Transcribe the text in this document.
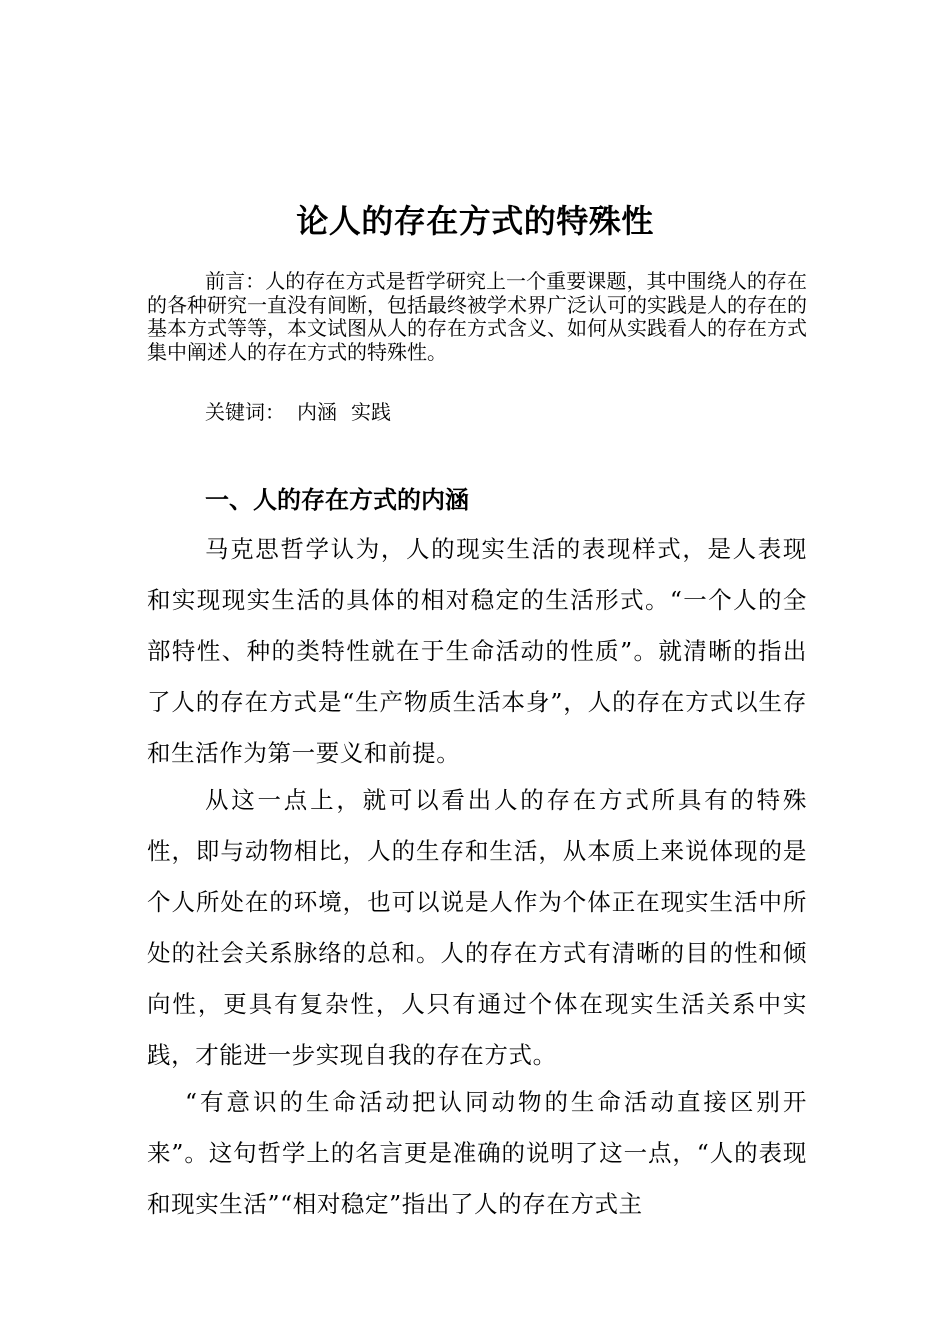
论人的存在方式的特殊性

前言：人的存在方式是哲学研究上一个重要课题，其中围绕人的存在的各种研究一直没有间断，包括最终被学术界广泛认可的实践是人的存在的基本方式等等，本文试图从人的存在方式含义、如何从实践看人的存在方式集中阐述人的存在方式的特殊性。

关键词： 内涵 实践

一、人的存在方式的内涵

马克思哲学认为，人的现实生活的表现样式，是人表现和实现现实生活的具体的相对稳定的生活形式。“一个人的全部特性、种的类特性就在于生命活动的性质”。就清晰的指出了人的存在方式是“生产物质生活本身”，人的存在方式以生存和生活作为第一要义和前提。

从这一点上，就可以看出人的存在方式所具有的特殊性，即与动物相比，人的生存和生活，从本质上来说体现的是个人所处在的环境，也可以说是人作为个体正在现实生活中所处的社会关系脉络的总和。人的存在方式有清晰的目的性和倾向性，更具有复杂性，人只有通过个体在现实生活关系中实践，才能进一步实现自我的存在方式。

“有意识的生命活动把认同动物的生命活动直接区别开来”。这句哲学上的名言更是准确的说明了这一点，“人的表现和现实生活”“相对稳定”指出了人的存在方式主
